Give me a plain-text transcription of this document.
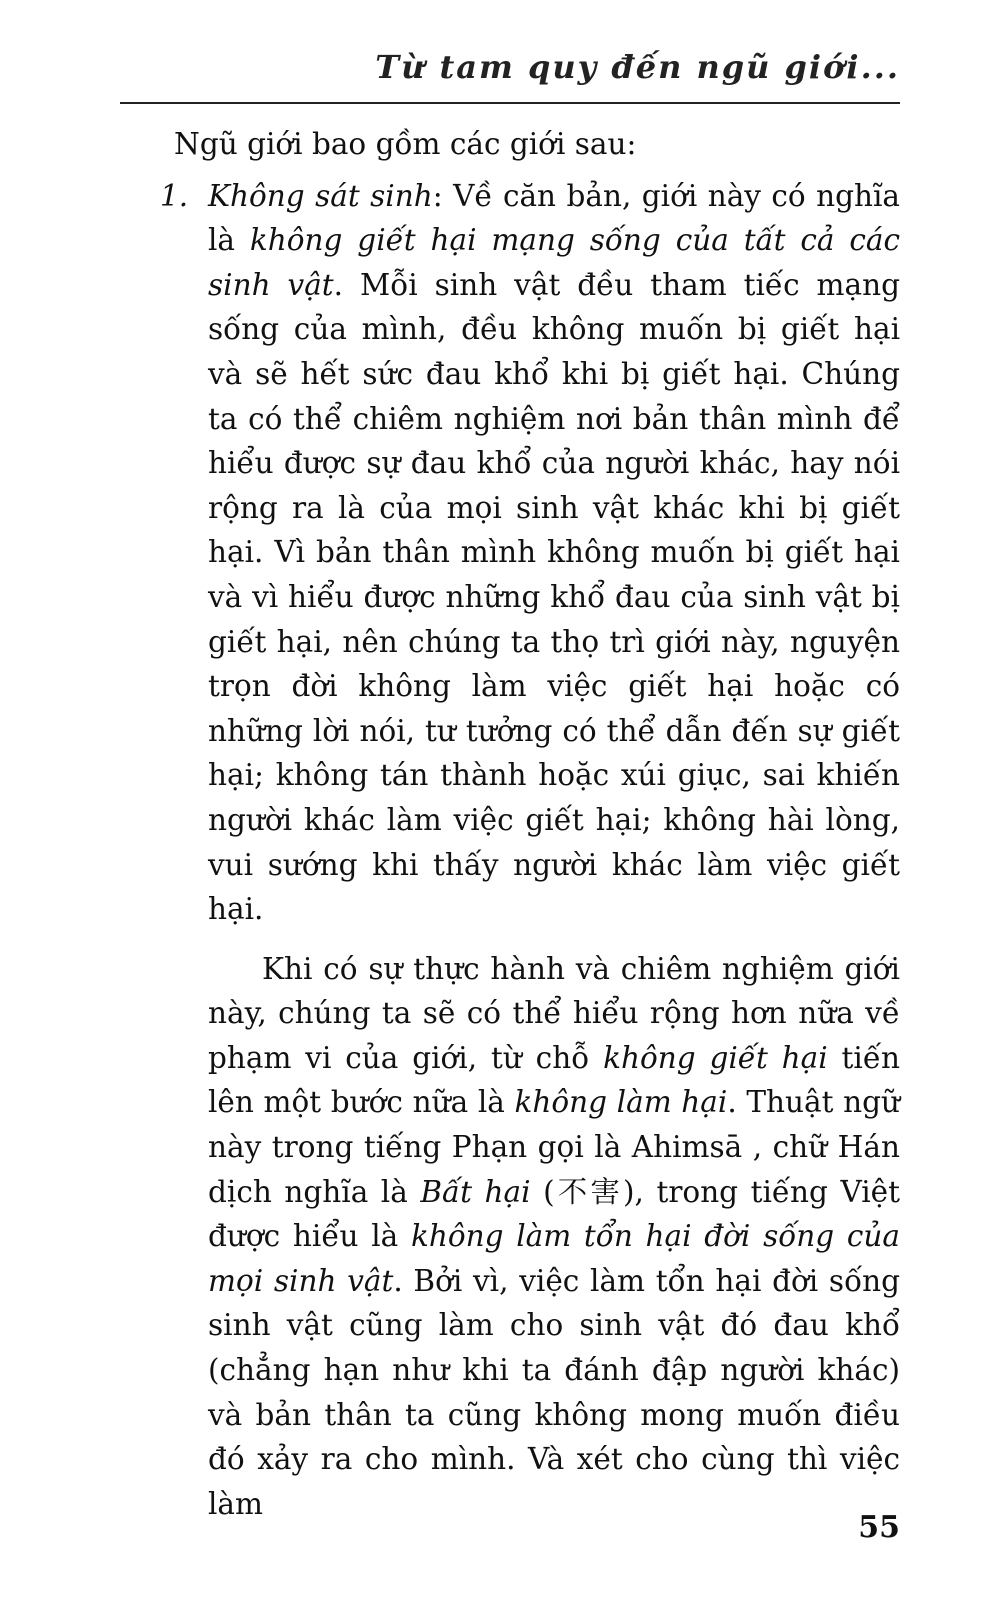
Từ tam quy đến ngũ giới...

Ngũ giới bao gồm các giới sau:

1. Không sát sinh: Về căn bản, giới này có nghĩa là không giết hại mạng sống của tất cả các sinh vật. Mỗi sinh vật đều tham tiếc mạng sống của mình, đều không muốn bị giết hại và sẽ hết sức đau khổ khi bị giết hại. Chúng ta có thể chiêm nghiệm nơi bản thân mình để hiểu được sự đau khổ của người khác, hay nói rộng ra là của mọi sinh vật khác khi bị giết hại. Vì bản thân mình không muốn bị giết hại và vì hiểu được những khổ đau của sinh vật bị giết hại, nên chúng ta thọ trì giới này, nguyện trọn đời không làm việc giết hại hoặc có những lời nói, tư tưởng có thể dẫn đến sự giết hại; không tán thành hoặc xúi giục, sai khiến người khác làm việc giết hại; không hài lòng, vui sướng khi thấy người khác làm việc giết hại.

Khi có sự thực hành và chiêm nghiệm giới này, chúng ta sẽ có thể hiểu rộng hơn nữa về phạm vi của giới, từ chỗ không giết hại tiến lên một bước nữa là không làm hại. Thuật ngữ này trong tiếng Phạn gọi là Ahimsā , chữ Hán dịch nghĩa là Bất hại (不害), trong tiếng Việt được hiểu là không làm tổn hại đời sống của mọi sinh vật. Bởi vì, việc làm tổn hại đời sống sinh vật cũng làm cho sinh vật đó đau khổ (chẳng hạn như khi ta đánh đập người khác) và bản thân ta cũng không mong muốn điều đó xảy ra cho mình. Và xét cho cùng thì việc làm

55
